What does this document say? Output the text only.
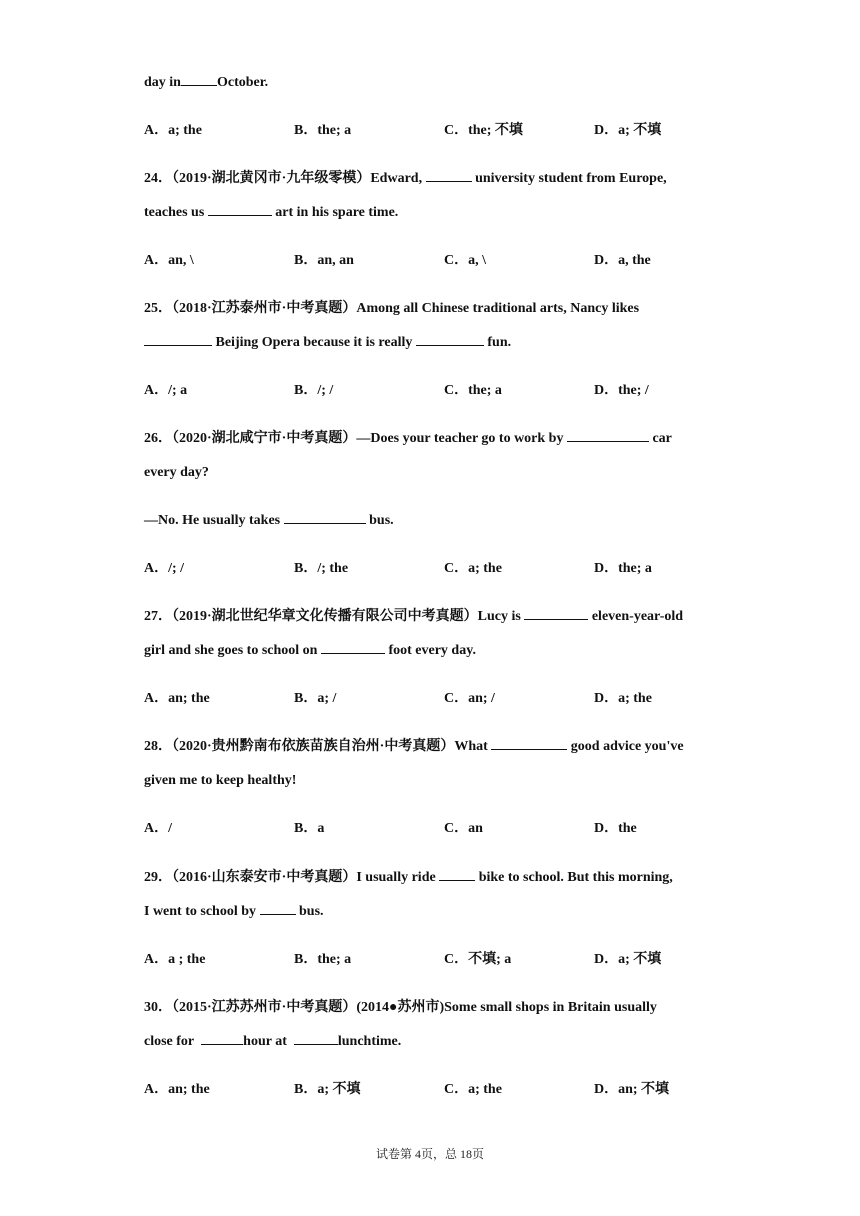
day in	October.
A．a; the	B．the; a	C．the; 不填	D．a; 不填
24．（2019·湖北黄冈市·九年级零模）Edward,	university student from Europe,
teaches us	art in his spare time.
A．an, \	B．an, an	C．a, \	D．a, the
25．（2018·江苏泰州市·中考真题）Among all Chinese traditional arts, Nancy likes
Beijing Opera because it is really	fun.
A．/; a	B．/; /	C．the; a	D．the; /
26．（2020·湖北咸宁市·中考真题）—Does your teacher go to work by	car
every day?
—No. He usually takes	bus.
A．/; /	B．/; the	C．a; the	D．the; a
27．（2019·湖北世纪华章文化传播有限公司中考真题）Lucy is	eleven-year-old
girl and she goes to school on	foot every day.
A．an; the	B．a; /	C．an; /	D．a; the
28．（2020·贵州黔南布依族苗族自治州·中考真题）What	good advice you've
given me to keep healthy!
A．/	B．a	C．an	D．the
29．（2016·山东泰安市·中考真题）I usually ride	bike to school. But this morning,
I went to school by	bus.
A．a ; the	B．the; a	C．不填; a	D．a; 不填
30．（2015·江苏苏州市·中考真题）(2014●苏州市)Some small shops in Britain usually
close for	hour at	lunchtime.
A．an; the	B．a; 不填	C．a; the	D．an; 不填
试卷第 4页，总 18页
